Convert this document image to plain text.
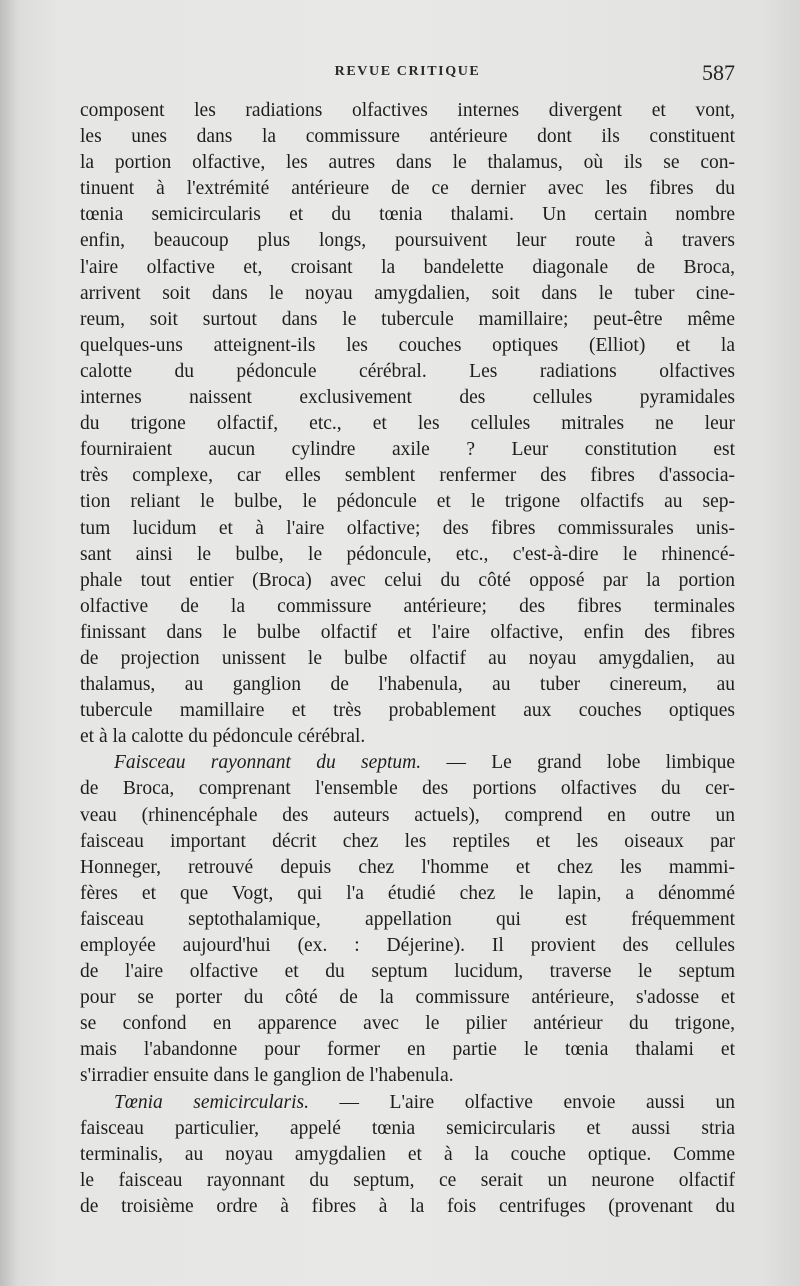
REVUE CRITIQUE	587
composent les radiations olfactives internes divergent et vont,
les unes dans la commissure antérieure dont ils constituent
la portion olfactive, les autres dans le thalamus, où ils se con-
tinuent à l'extrémité antérieure de ce dernier avec les fibres du
tœnia semicircularis et du tœnia thalami. Un certain nombre
enfin, beaucoup plus longs, poursuivent leur route à travers
l'aire olfactive et, croisant la bandelette diagonale de Broca,
arrivent soit dans le noyau amygdalien, soit dans le tuber cine-
reum, soit surtout dans le tubercule mamillaire; peut-être même
quelques-uns atteignent-ils les couches optiques (Elliot) et la
calotte du pédoncule cérébral. Les radiations olfactives
internes naissent exclusivement des cellules pyramidales
du trigone olfactif, etc., et les cellules mitrales ne leur
fourniraient aucun cylindre axile ? Leur constitution est
très complexe, car elles semblent renfermer des fibres d'associa-
tion reliant le bulbe, le pédoncule et le trigone olfactifs au sep-
tum lucidum et à l'aire olfactive; des fibres commissurales unis-
sant ainsi le bulbe, le pédoncule, etc., c'est-à-dire le rhinencé-
phale tout entier (Broca) avec celui du côté opposé par la portion
olfactive de la commissure antérieure; des fibres terminales
finissant dans le bulbe olfactif et l'aire olfactive, enfin des fibres
de projection unissent le bulbe olfactif au noyau amygdalien, au
thalamus, au ganglion de l'habenula, au tuber cinereum, au
tubercule mamillaire et très probablement aux couches optiques
et à la calotte du pédoncule cérébral.
Faisceau rayonnant du septum. — Le grand lobe limbique
de Broca, comprenant l'ensemble des portions olfactives du cer-
veau (rhinencéphale des auteurs actuels), comprend en outre un
faisceau important décrit chez les reptiles et les oiseaux par
Honneger, retrouvé depuis chez l'homme et chez les mammi-
fères et que Vogt, qui l'a étudié chez le lapin, a dénommé
faisceau septothalamique, appellation qui est fréquemment
employée aujourd'hui (ex. : Déjerine). Il provient des cellules
de l'aire olfactive et du septum lucidum, traverse le septum
pour se porter du côté de la commissure antérieure, s'adosse et
se confond en apparence avec le pilier antérieur du trigone,
mais l'abandonne pour former en partie le tœnia thalami et
s'irradier ensuite dans le ganglion de l'habenula.
Tœnia semicircularis. — L'aire olfactive envoie aussi un
faisceau particulier, appelé tœnia semicircularis et aussi stria
terminalis, au noyau amygdalien et à la couche optique. Comme
le faisceau rayonnant du septum, ce serait un neurone olfactif
de troisième ordre à fibres à la fois centrifuges (provenant du
